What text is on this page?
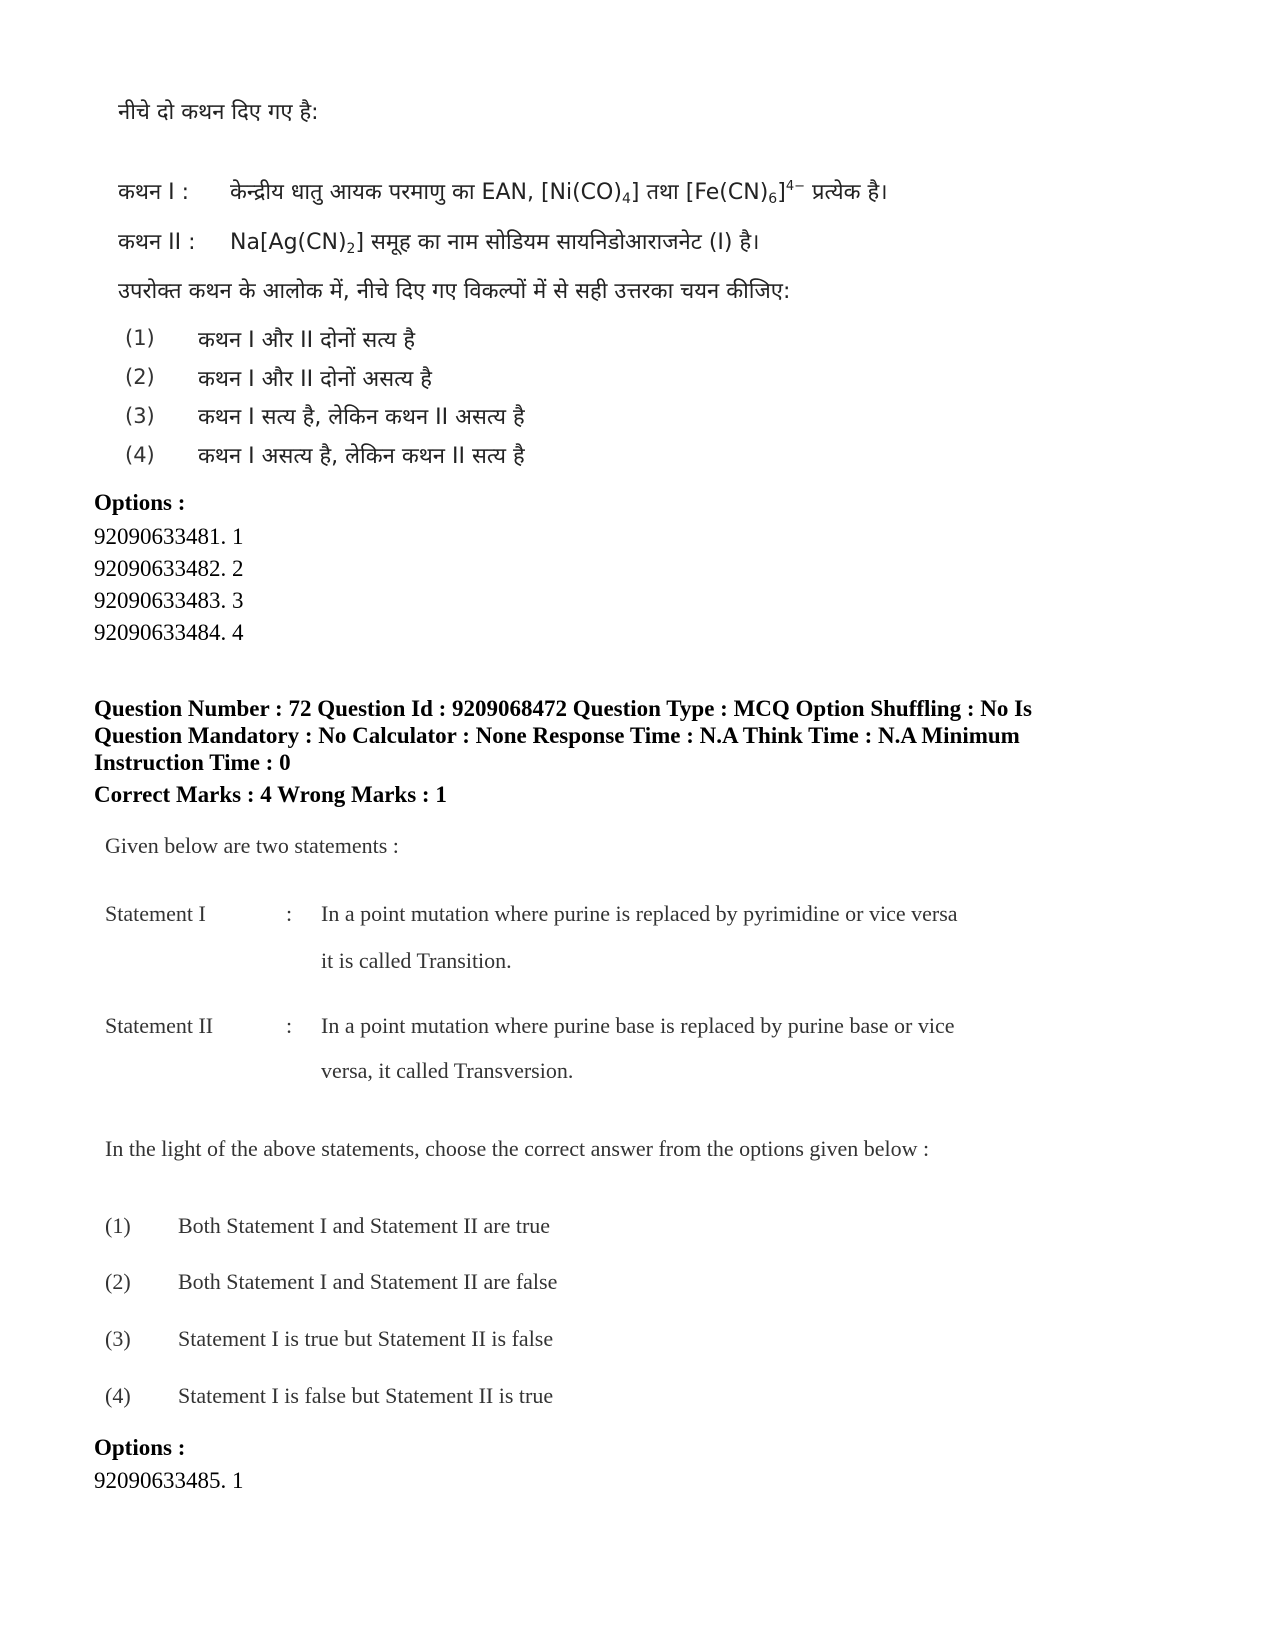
नीचे दो कथन दिए गए है:
कथन I : केन्द्रीय धातु आयक परमाणु का EAN, $[Ni(CO)_4]$ तथा $[Fe(CN)_6]^{4-}$ प्रत्येक है।
कथन II : $Na[Ag(CN)_2]$ समूह का नाम सोडियम सायनिडोआराजनेट (I) है।
उपरोक्त कथन के आलोक में, नीचे दिए गए विकल्पों में से सही उत्तरका चयन कीजिए:
(1) कथन I और II दोनों सत्य है
(2) कथन I और II दोनों असत्य है
(3) कथन I सत्य है, लेकिन कथन II असत्य है
(4) कथन I असत्य है, लेकिन कथन II सत्य है
Options :
92090633481. 1
92090633482. 2
92090633483. 3
92090633484. 4
Question Number : 72 Question Id : 9209068472 Question Type : MCQ Option Shuffling : No Is
Question Mandatory : No Calculator : None Response Time : N.A Think Time : N.A Minimum
Instruction Time : 0
Correct Marks : 4 Wrong Marks : 1
Given below are two statements :
Statement I	: In a point mutation where purine is replaced by pyrimidine or vice versa
it is called Transition.
Statement II	: In a point mutation where purine base is replaced by purine base or vice
versa, it called Transversion.
In the light of the above statements, choose the correct answer from the options given below :
(1) Both Statement I and Statement II are true
(2) Both Statement I and Statement II are false
(3) Statement I is true but Statement II is false
(4) Statement I is false but Statement II is true
Options :
92090633485. 1
